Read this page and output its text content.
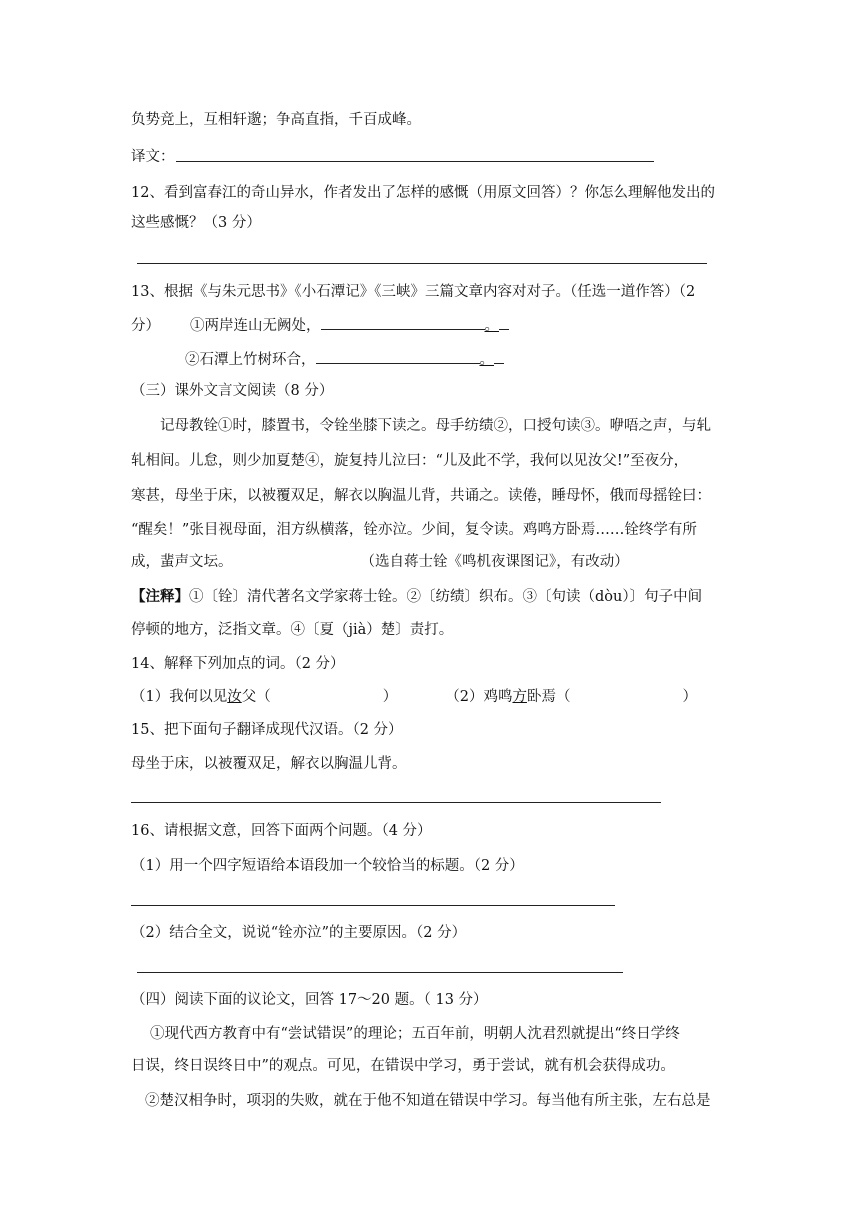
负势竞上，互相轩邈；争高直指，千百成峰。
译文：
12、看到富春江的奇山异水，作者发出了怎样的感慨（用原文回答）？你怎么理解他发出的
这些感慨？（3 分）
13、根据《与朱元思书》《小石潭记》《三峡》三篇文章内容对对子。（任选一道作答）（2
分） ①两岸连山无阙处，	。
②石潭上竹树环合，	。
（三）课外文言文阅读（8 分）
记母教铨①时，膝置书，令铨坐膝下读之。母手纺绩②，口授句读③。咿唔之声，与轧
轧相间。儿怠，则少加夏楚④，旋复持儿泣曰：“儿及此不学，我何以见汝父!”至夜分，
寒甚，母坐于床，以被覆双足，解衣以胸温儿背，共诵之。读倦，睡母怀，俄而母摇铨曰：
“醒矣！”张目视母面，泪方纵横落，铨亦泣。少间，复令读。鸡鸣方卧焉……铨终学有所
成，蜚声文坛。	（选自蒋士铨《鸣机夜课图记》，有改动）
【注释】①〔铨〕清代著名文学家蒋士铨。②〔纺绩〕织布。③〔句读（dòu）〕句子中间
停顿的地方，泛指文章。④〔夏（jià）楚〕责打。
14、解释下列加点的词。（2 分）
（1）我何以见汝父（	）	（2）鸡鸣方卧焉（	）
15、把下面句子翻译成现代汉语。（2 分）
母坐于床，以被覆双足，解衣以胸温儿背。
16、请根据文意，回答下面两个问题。（4 分）
（1）用一个四字短语给本语段加一个较恰当的标题。（2 分）
（2）结合全文，说说“铨亦泣”的主要原因。（2 分）
（四）阅读下面的议论文，回答 17～20 题。（ 13 分）
①现代西方教育中有“尝试错误”的理论；五百年前，明朝人沈君烈就提出“终日学终
日误，终日误终日中”的观点。可见，在错误中学习，勇于尝试，就有机会获得成功。
②楚汉相争时，项羽的失败，就在于他不知道在错误中学习。每当他有所主张，左右总是
